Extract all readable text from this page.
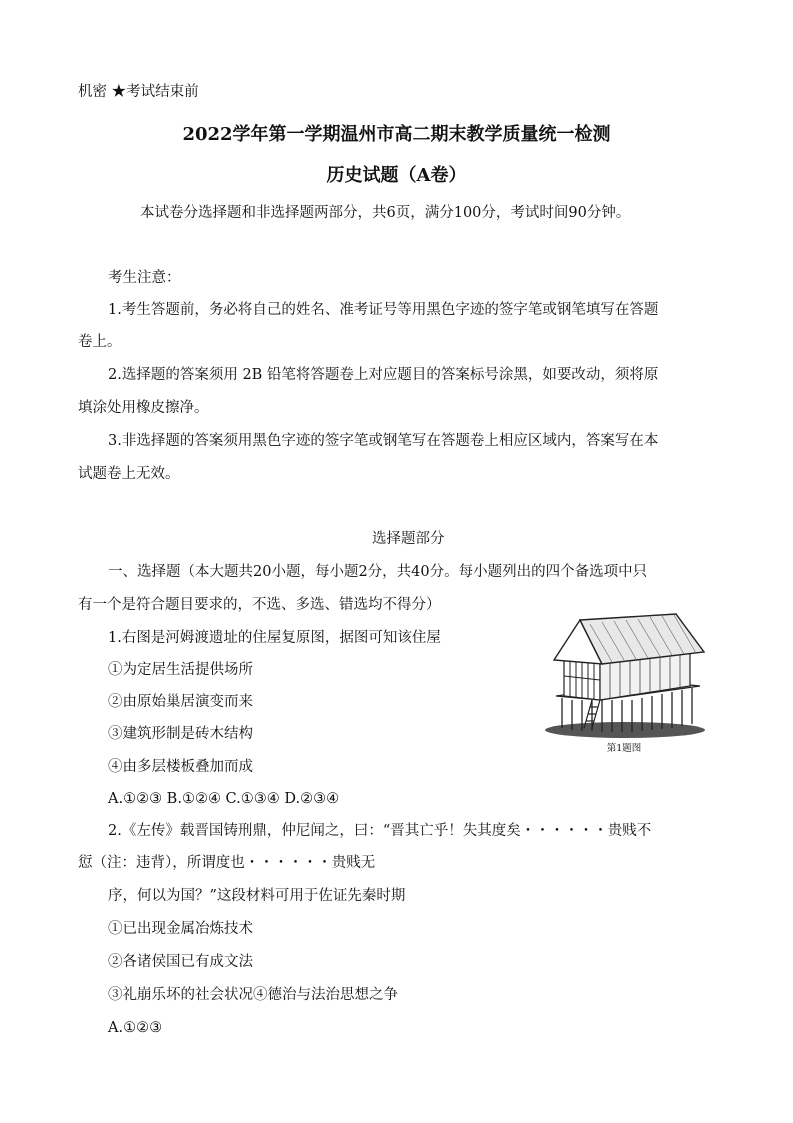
机密 ★考试结束前
2022学年第一学期温州市高二期末教学质量统一检测
历史试题（A卷）
本试卷分选择题和非选择题两部分，共6页，满分100分，考试时间90分钟。
考生注意：
1.考生答题前，务必将自己的姓名、准考证号等用黑色字迹的签字笔或钢笔填写在答题
卷上。
2.选择题的答案须用 2B 铅笔将答题卷上对应题目的答案标号涂黑，如要改动，须将原
填涂处用橡皮擦净。
3.非选择题的答案须用黑色字迹的签字笔或钢笔写在答题卷上相应区域内，答案写在本
试题卷上无效。
选择题部分
一、选择题（本大题共20小题，每小题2分，共40分。每小题列出的四个备选项中只
有一个是符合题目要求的，不选、多选、错选均不得分）
1.右图是河姆渡遗址的住屋复原图，据图可知该住屋
①为定居生活提供场所
②由原始巢居演变而来
③建筑形制是砖木结构
④由多层楼板叠加而成
A.①②③ B.①②④ C.①③④ D.②③④
第1题图
2.《左传》载晋国铸刑鼎，仲尼闻之，曰：“晋其亡乎！失其度矣・・・・・・贵贱不
愆（注：违背），所谓度也・・・・・・贵贱无
序，何以为国？”这段材料可用于佐证先秦时期
①已出现金属冶炼技术
②各诸侯国已有成文法
③礼崩乐坏的社会状况④德治与法治思想之争
A.①②③
